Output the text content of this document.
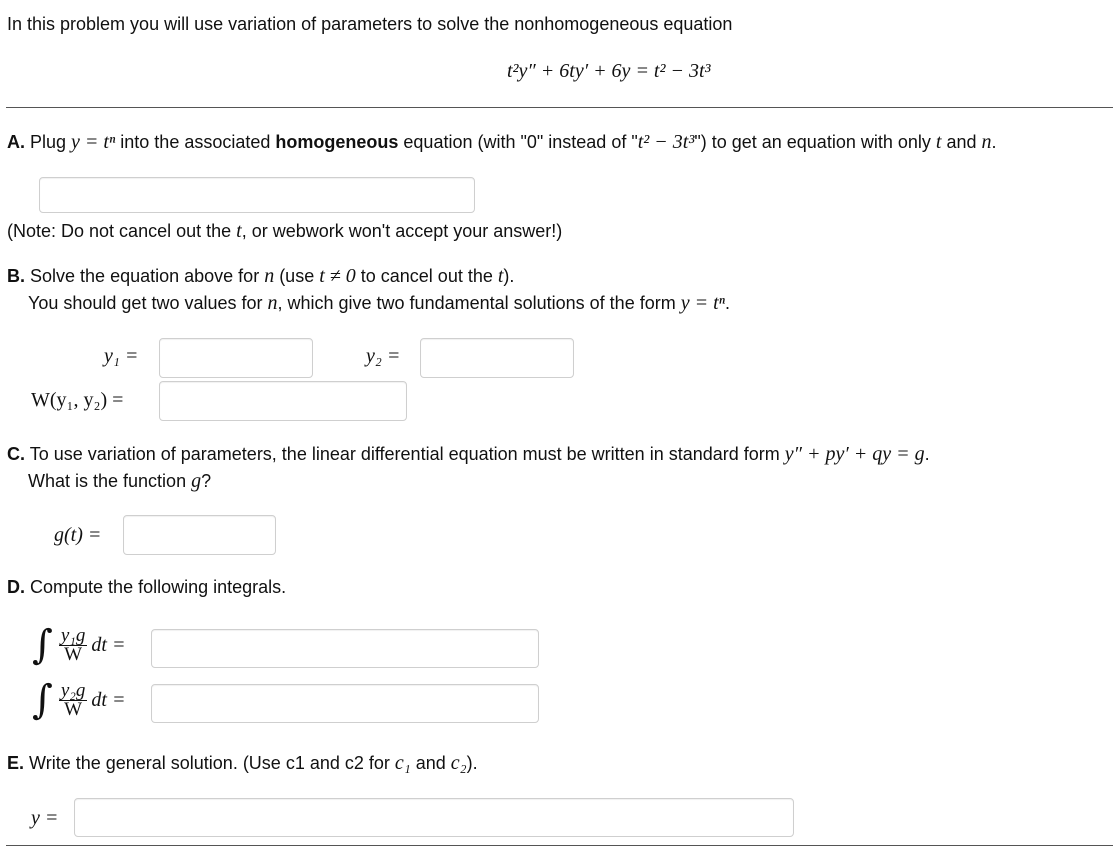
In this problem you will use variation of parameters to solve the nonhomogeneous equation
t²y″ + 6ty′ + 6y = t² − 3t³
A. Plug y = tⁿ into the associated homogeneous equation (with "0" instead of "t² − 3t³") to get an equation with only t and n.
(Note: Do not cancel out the t, or webwork won't accept your answer!)
B. Solve the equation above for n (use t ≠ 0 to cancel out the t).
You should get two values for n, which give two fundamental solutions of the form y = tⁿ.
y₁ =	y₂ =
W(y₁, y₂) =
C. To use variation of parameters, the linear differential equation must be written in standard form y″ + py′ + qy = g.
What is the function g?
g(t) =
D. Compute the following integrals.
∫ $\frac{\text{y₁g}}{W}$ dt =
∫ $\frac{\text{y₂g}}{W}$ dt =
E. Write the general solution. (Use c1 and c2 for c₁ and c₂).
y =
